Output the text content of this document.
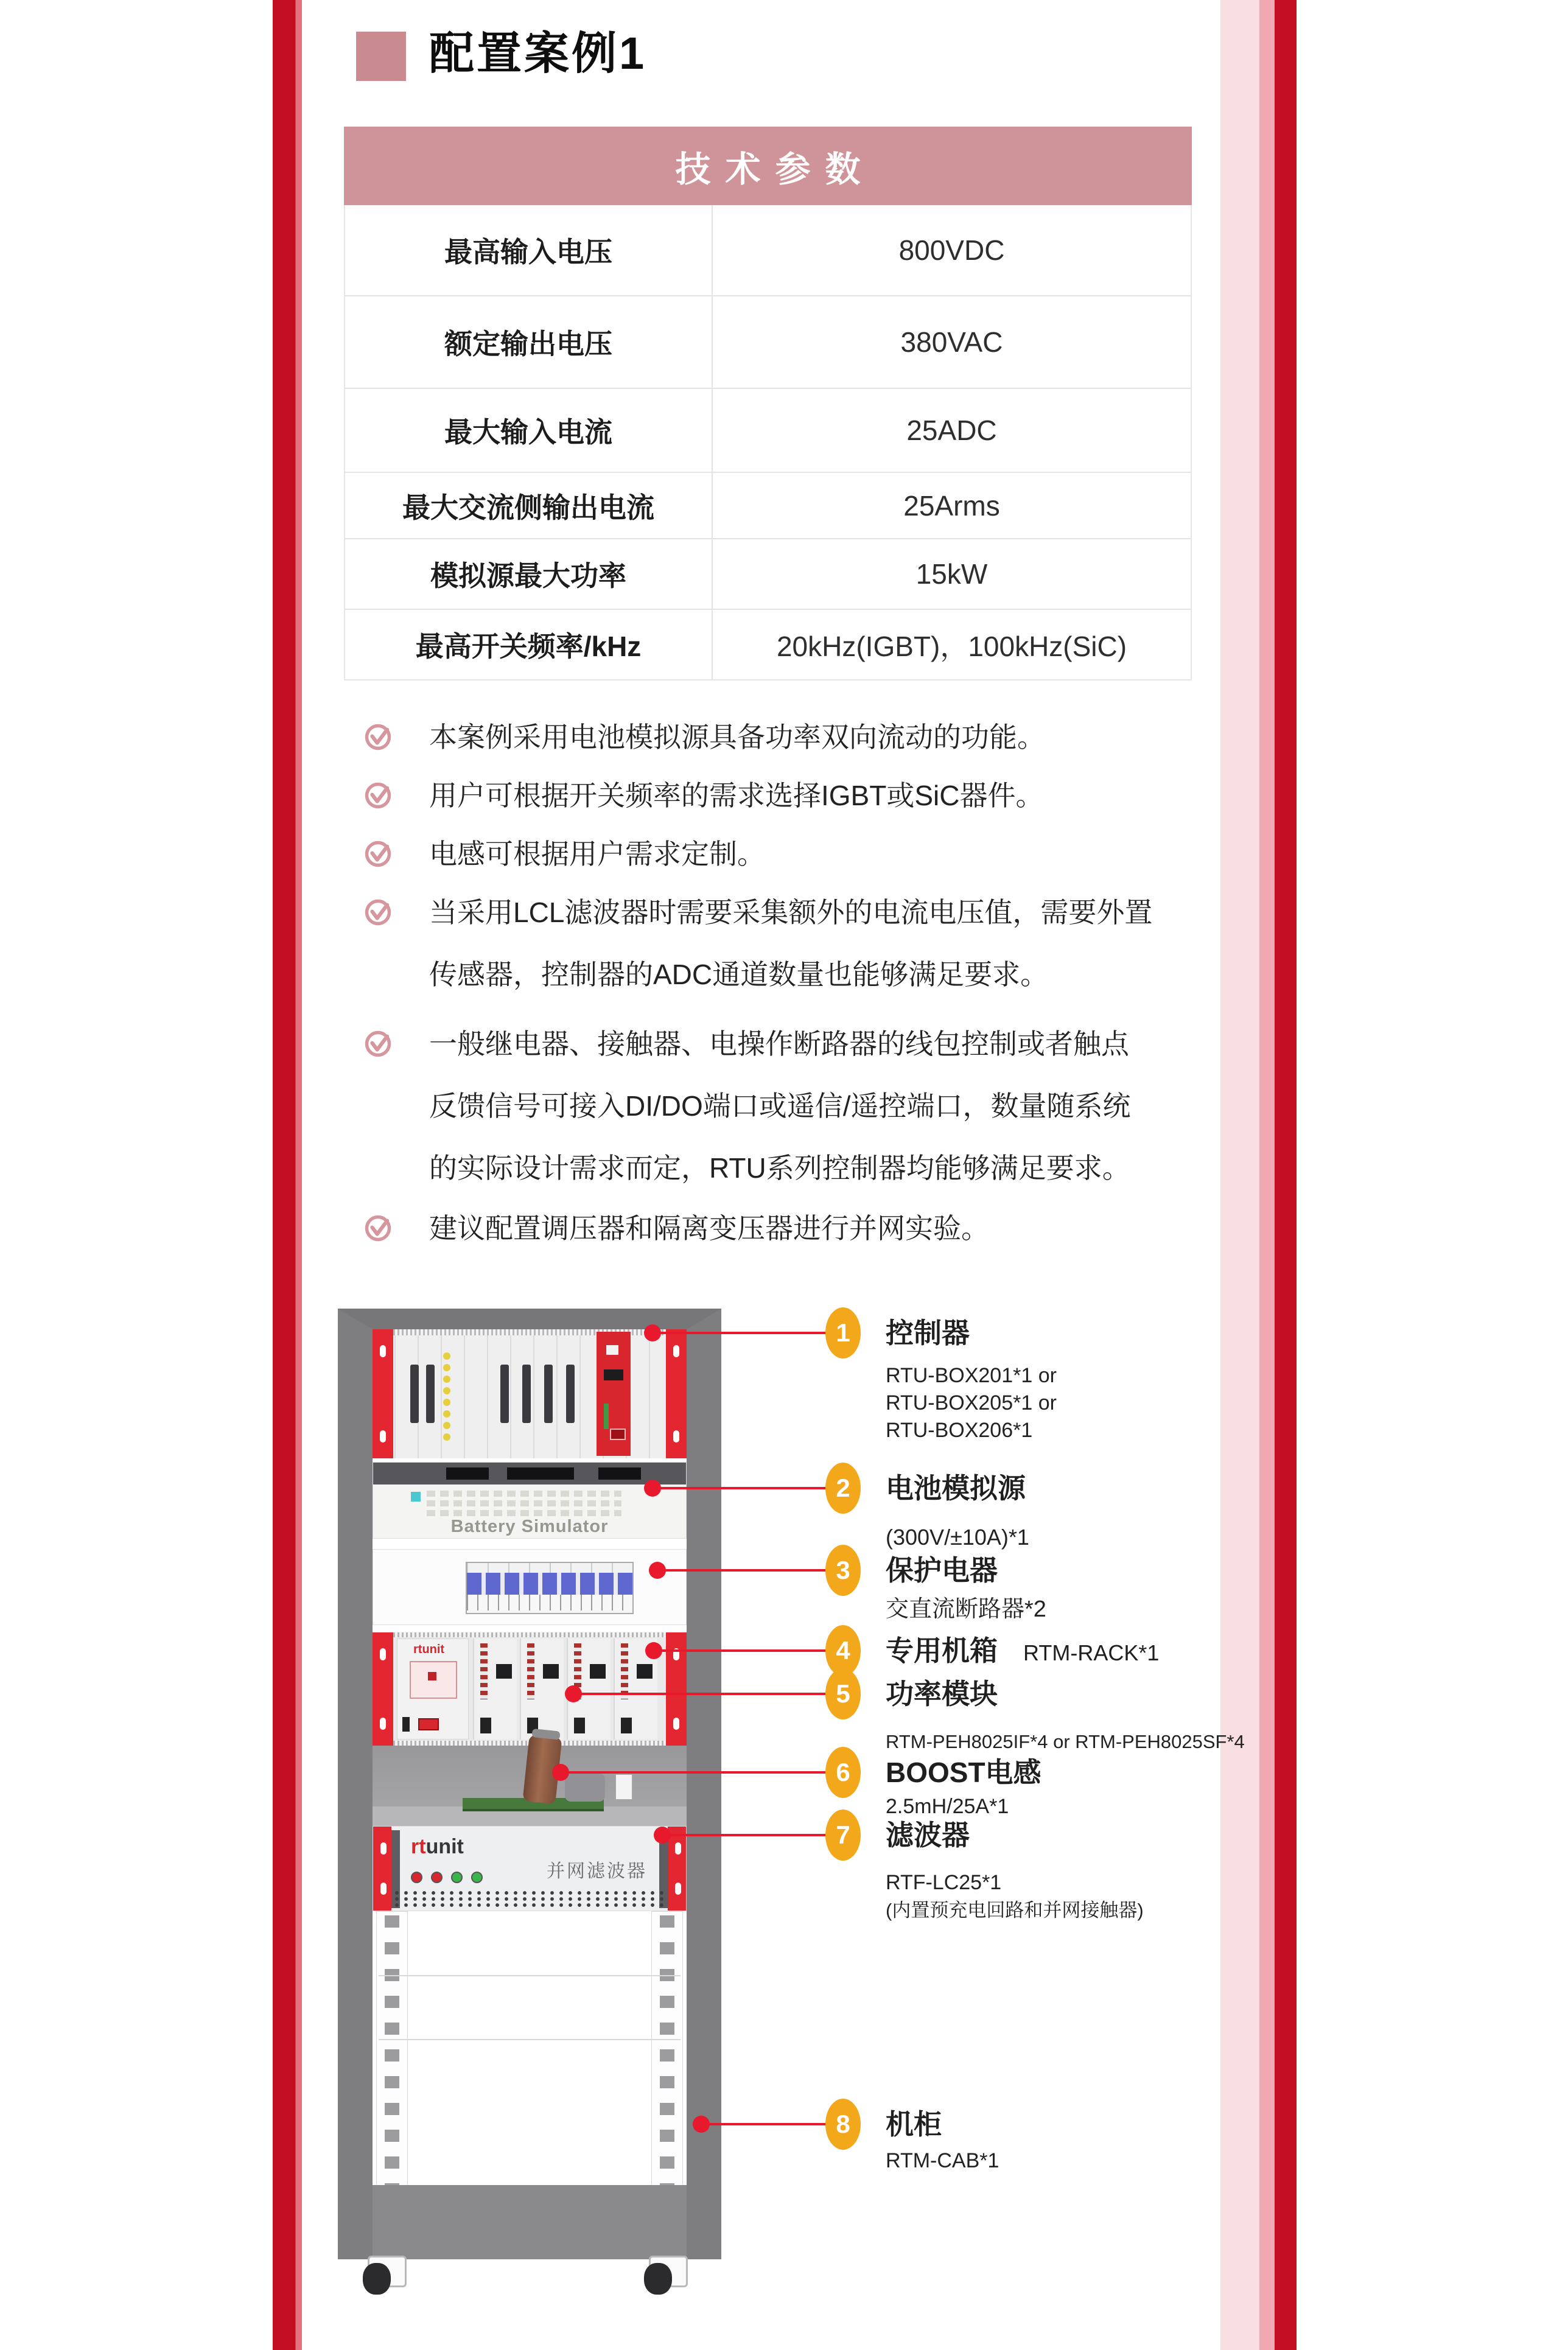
配置案例1
技术参数
最高输入电压	800VDC
额定输出电压	380VAC
最大输入电流	25ADC
最大交流侧输出电流	25Arms
模拟源最大功率	15kW
最高开关频率/kHz	20kHz(IGBT)，100kHz(SiC)
本案例采用电池模拟源具备功率双向流动的功能。
用户可根据开关频率的需求选择IGBT或SiC器件。
电感可根据用户需求定制。
当采用LCL滤波器时需要采集额外的电流电压值，需要外置
传感器，控制器的ADC通道数量也能够满足要求。
一般继电器、接触器、电操作断路器的线包控制或者触点
反馈信号可接入DI/DO端口或遥信/遥控端口，数量随系统
的实际设计需求而定，RTU系列控制器均能够满足要求。
建议配置调压器和隔离变压器进行并网实验。
Battery Simulator
rtunit
rtunit
并网滤波器
1	控制器
RTU-BOX201*1 or
RTU-BOX205*1 or
RTU-BOX206*1
2	电池模拟源
(300V/±10A)*1
3	保护电器
交直流断路器*2
4	专用机箱 RTM-RACK*1
5	功率模块
RTM-PEH8025IF*4 or RTM-PEH8025SF*4
6	BOOST电感
2.5mH/25A*1
7	滤波器
RTF-LC25*1
(内置预充电回路和并网接触器)
8	机柜
RTM-CAB*1
